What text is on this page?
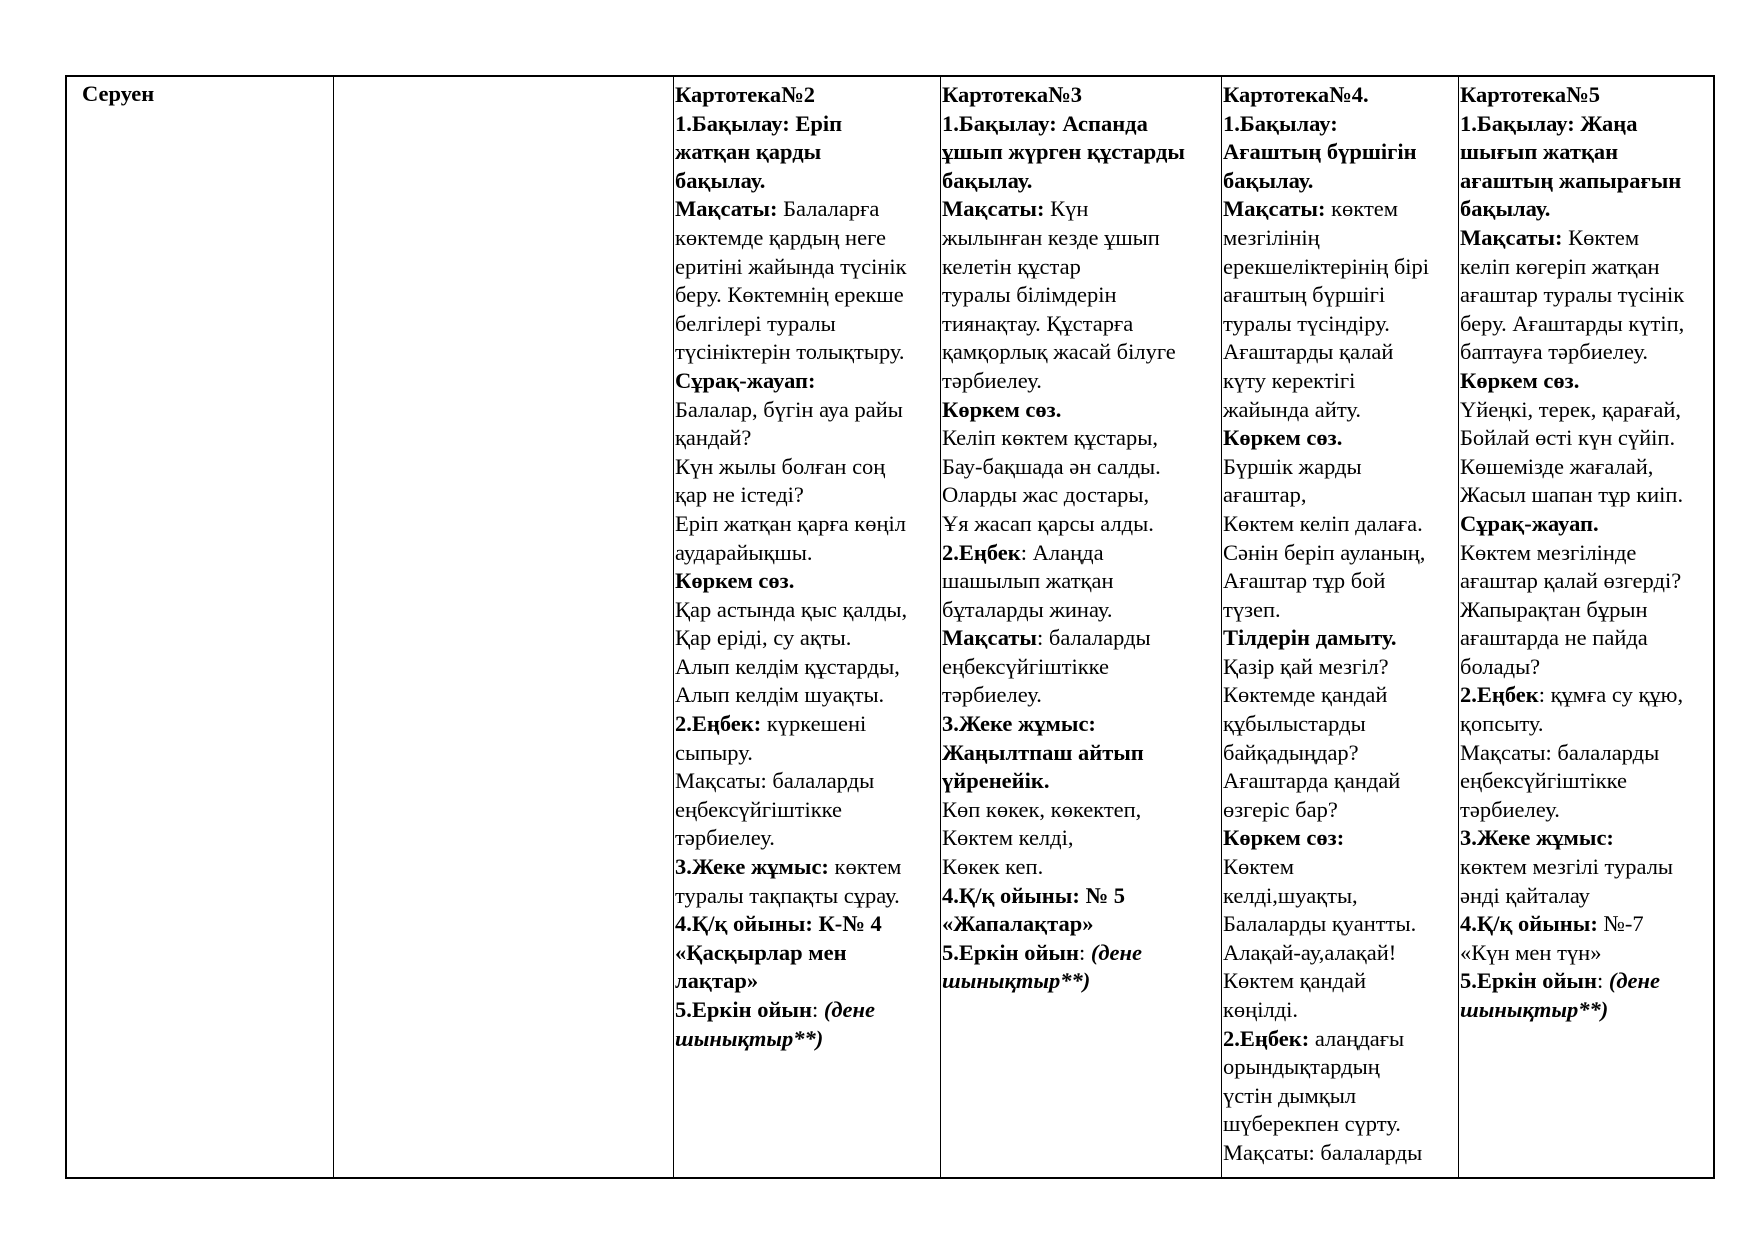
Серуен	Картотека№2
1.Бақылау: Еріп
жатқан қарды
бақылау.
Мақсаты: Балаларға
көктемде қардың неге
еритіні жайында түсінік
беру. Көктемнің ерекше
белгілері туралы
түсініктерін толықтыру.
Сұрақ-жауап:
Балалар, бүгін ауа райы
қандай?
Күн жылы болған соң
қар не істеді?
Еріп жатқан қарға көңіл
аударайықшы.
Көркем сөз.
Қар астында қыс қалды,
Қар еріді, су ақты.
Алып келдім құстарды,
Алып келдім шуақты.
2.Еңбек: күркешені
сыпыру.
Мақсаты: балаларды
еңбексүйгіштікке
тәрбиелеу.
3.Жеке жұмыс: көктем
туралы тақпақты сұрау.
4.Қ/қ ойыны: К-№ 4
«Қасқырлар мен
лақтар»
5.Еркін ойын: (дене
шынықтыр**)
Картотека№3
1.Бақылау: Аспанда
ұшып жүрген құстарды
бақылау.
Мақсаты: Күн
жылынған кезде ұшып
келетін құстар
туралы білімдерін
тиянақтау. Құстарға
қамқорлық жасай білуге
тәрбиелеу.
Көркем сөз.
Келіп көктем құстары,
Бау-бақшада ән салды.
Оларды жас достары,
Ұя жасап қарсы алды.
2.Еңбек: Алаңда
шашылып жатқан
бұталарды жинау.
Мақсаты: балаларды
еңбексүйгіштікке
тәрбиелеу.
3.Жеке жұмыс:
Жаңылтпаш айтып
үйренейік.
Көп көкек, көкектеп,
Көктем келді,
Көкек кеп.
4.Қ/қ ойыны: № 5
«Жапалақтар»
5.Еркін ойын: (дене
шынықтыр**)
Картотека№4.
1.Бақылау:
Ағаштың бүршігін
бақылау.
Мақсаты: көктем
мезгілінің
ерекшеліктерінің бірі
ағаштың бүршігі
туралы түсіндіру.
Ағаштарды қалай
күту керектігі
жайында айту.
Көркем сөз.
Бүршік жарды
ағаштар,
Көктем келіп далаға.
Сәнін беріп ауланың,
Ағаштар тұр бой
түзеп.
Тілдерін дамыту.
Қазір қай мезгіл?
Көктемде қандай
құбылыстарды
байқадыңдар?
Ағаштарда қандай
өзгеріс бар?
Көркем сөз:
Көктем
келді,шуақты,
Балаларды қуантты.
Алақай-ау,алақай!
Көктем қандай
көңілді.
2.Еңбек: алаңдағы
орындықтардың
үстін дымқыл
шүберекпен сүрту.
Мақсаты: балаларды
Картотека№5
1.Бақылау: Жаңа
шығып жатқан
ағаштың жапырағын
бақылау.
Мақсаты: Көктем
келіп көгеріп жатқан
ағаштар туралы түсінік
беру. Ағаштарды күтіп,
баптауға тәрбиелеу.
Көркем сөз.
Үйеңкі, терек, қарағай,
Бойлай өсті күн сүйіп.
Көшемізде жағалай,
Жасыл шапан тұр киіп.
Сұрақ-жауап.
Көктем мезгілінде
ағаштар қалай өзгерді?
Жапырақтан бұрын
ағаштарда не пайда
болады?
2.Еңбек: құмға су құю,
қопсыту.
Мақсаты: балаларды
еңбексүйгіштікке
тәрбиелеу.
3.Жеке жұмыс:
көктем мезгілі туралы
әнді қайталау
4.Қ/қ ойыны: №-7
«Күн мен түн»
5.Еркін ойын: (дене
шынықтыр**)
